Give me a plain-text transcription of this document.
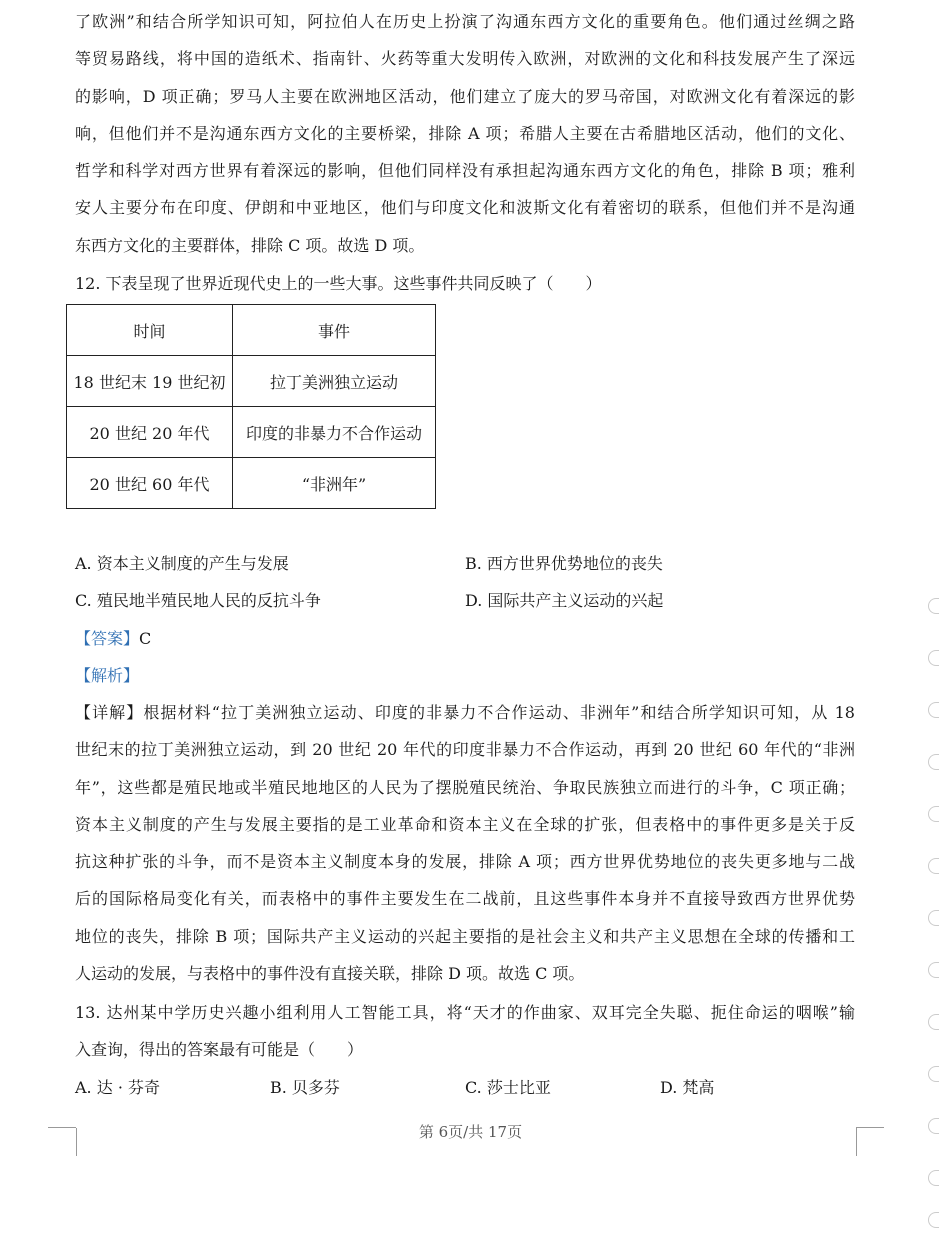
了欧洲”和结合所学知识可知，阿拉伯人在历史上扮演了沟通东西方文化的重要角色。他们通过丝绸之路
等贸易路线，将中国的造纸术、指南针、火药等重大发明传入欧洲，对欧洲的文化和科技发展产生了深远
的影响，D 项正确；罗马人主要在欧洲地区活动，他们建立了庞大的罗马帝国，对欧洲文化有着深远的影
响，但他们并不是沟通东西方文化的主要桥梁，排除 A 项；希腊人主要在古希腊地区活动，他们的文化、
哲学和科学对西方世界有着深远的影响，但他们同样没有承担起沟通东西方文化的角色，排除 B 项；雅利
安人主要分布在印度、伊朗和中亚地区，他们与印度文化和波斯文化有着密切的联系，但他们并不是沟通
东西方文化的主要群体，排除 C 项。故选 D 项。
12. 下表呈现了世界近现代史上的一些大事。这些事件共同反映了（　　）
时间	事件
18 世纪末 19 世纪初	拉丁美洲独立运动
20 世纪 20 年代	印度的非暴力不合作运动
20 世纪 60 年代	“非洲年”
A. 资本主义制度的产生与发展	B. 西方世界优势地位的丧失
C. 殖民地半殖民地人民的反抗斗争	D. 国际共产主义运动的兴起
【答案】C
【解析】
【详解】根据材料“拉丁美洲独立运动、印度的非暴力不合作运动、非洲年”和结合所学知识可知，从 18
世纪末的拉丁美洲独立运动，到 20 世纪 20 年代的印度非暴力不合作运动，再到 20 世纪 60 年代的“非洲
年”，这些都是殖民地或半殖民地地区的人民为了摆脱殖民统治、争取民族独立而进行的斗争，C 项正确；
资本主义制度的产生与发展主要指的是工业革命和资本主义在全球的扩张，但表格中的事件更多是关于反
抗这种扩张的斗争，而不是资本主义制度本身的发展，排除 A 项；西方世界优势地位的丧失更多地与二战
后的国际格局变化有关，而表格中的事件主要发生在二战前，且这些事件本身并不直接导致西方世界优势
地位的丧失，排除 B 项；国际共产主义运动的兴起主要指的是社会主义和共产主义思想在全球的传播和工
人运动的发展，与表格中的事件没有直接关联，排除 D 项。故选 C 项。
13. 达州某中学历史兴趣小组利用人工智能工具，将“天才的作曲家、双耳完全失聪、扼住命运的咽喉”输
入查询，得出的答案最有可能是（　　）
A. 达 · 芬奇	B. 贝多芬	C. 莎士比亚	D. 梵高
第 6页/共 17页
